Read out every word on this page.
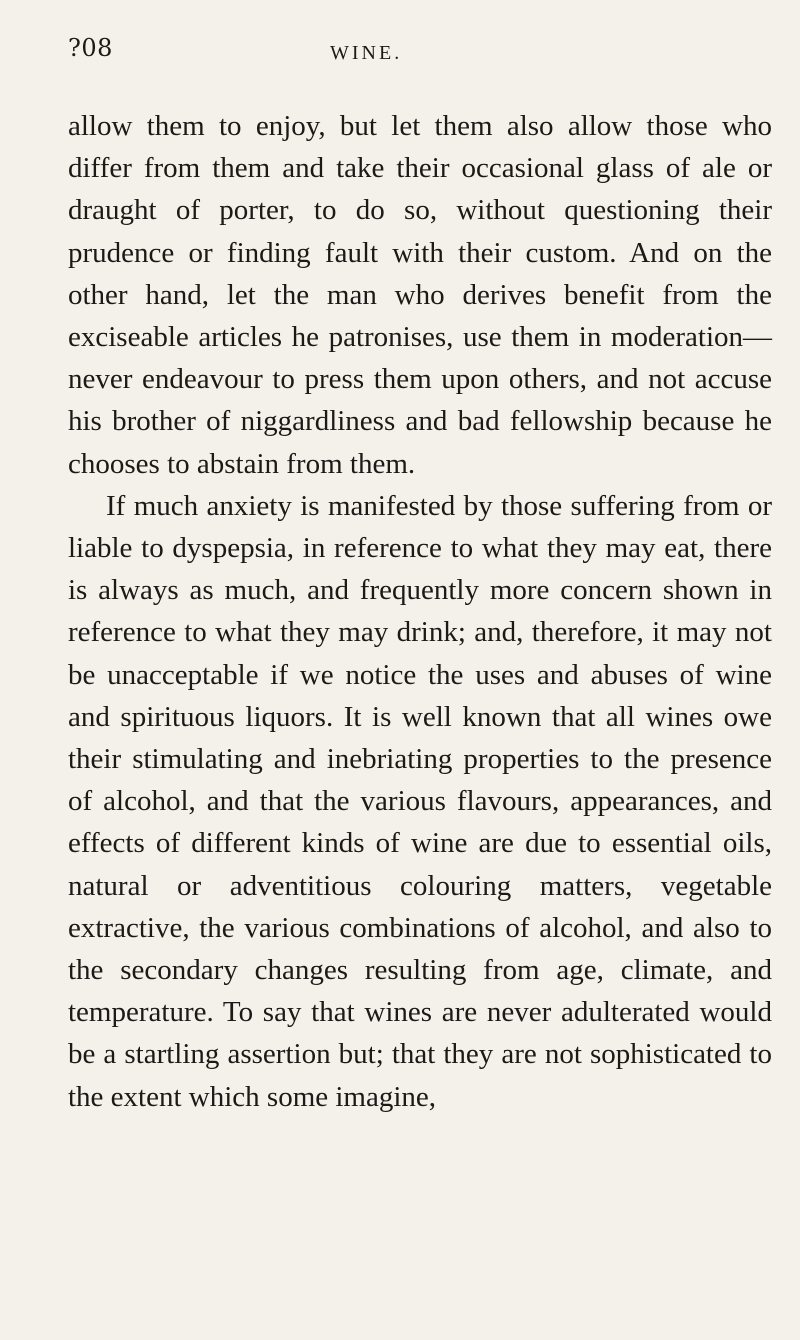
?08	WINE.

allow them to enjoy, but let them also allow those who differ from them and take their occasional glass of ale or draught of porter, to do so, without questioning their prudence or finding fault with their custom. And on the other hand, let the man who derives benefit from the exciseable articles he patronises, use them in moderation—never endeavour to press them upon others, and not accuse his brother of niggardliness and bad fellowship because he chooses to abstain from them.

If much anxiety is manifested by those suffering from or liable to dyspepsia, in reference to what they may eat, there is always as much, and frequently more concern shown in reference to what they may drink; and, therefore, it may not be unacceptable if we notice the uses and abuses of wine and spirituous liquors. It is well known that all wines owe their stimulating and inebriating properties to the presence of alcohol, and that the various flavours, appearances, and effects of different kinds of wine are due to essential oils, natural or adventitious colouring matters, vegetable extractive, the various combinations of alcohol, and also to the secondary changes resulting from age, climate, and temperature. To say that wines are never adulterated would be a startling assertion but; that they are not sophisticated to the extent which some imagine,
